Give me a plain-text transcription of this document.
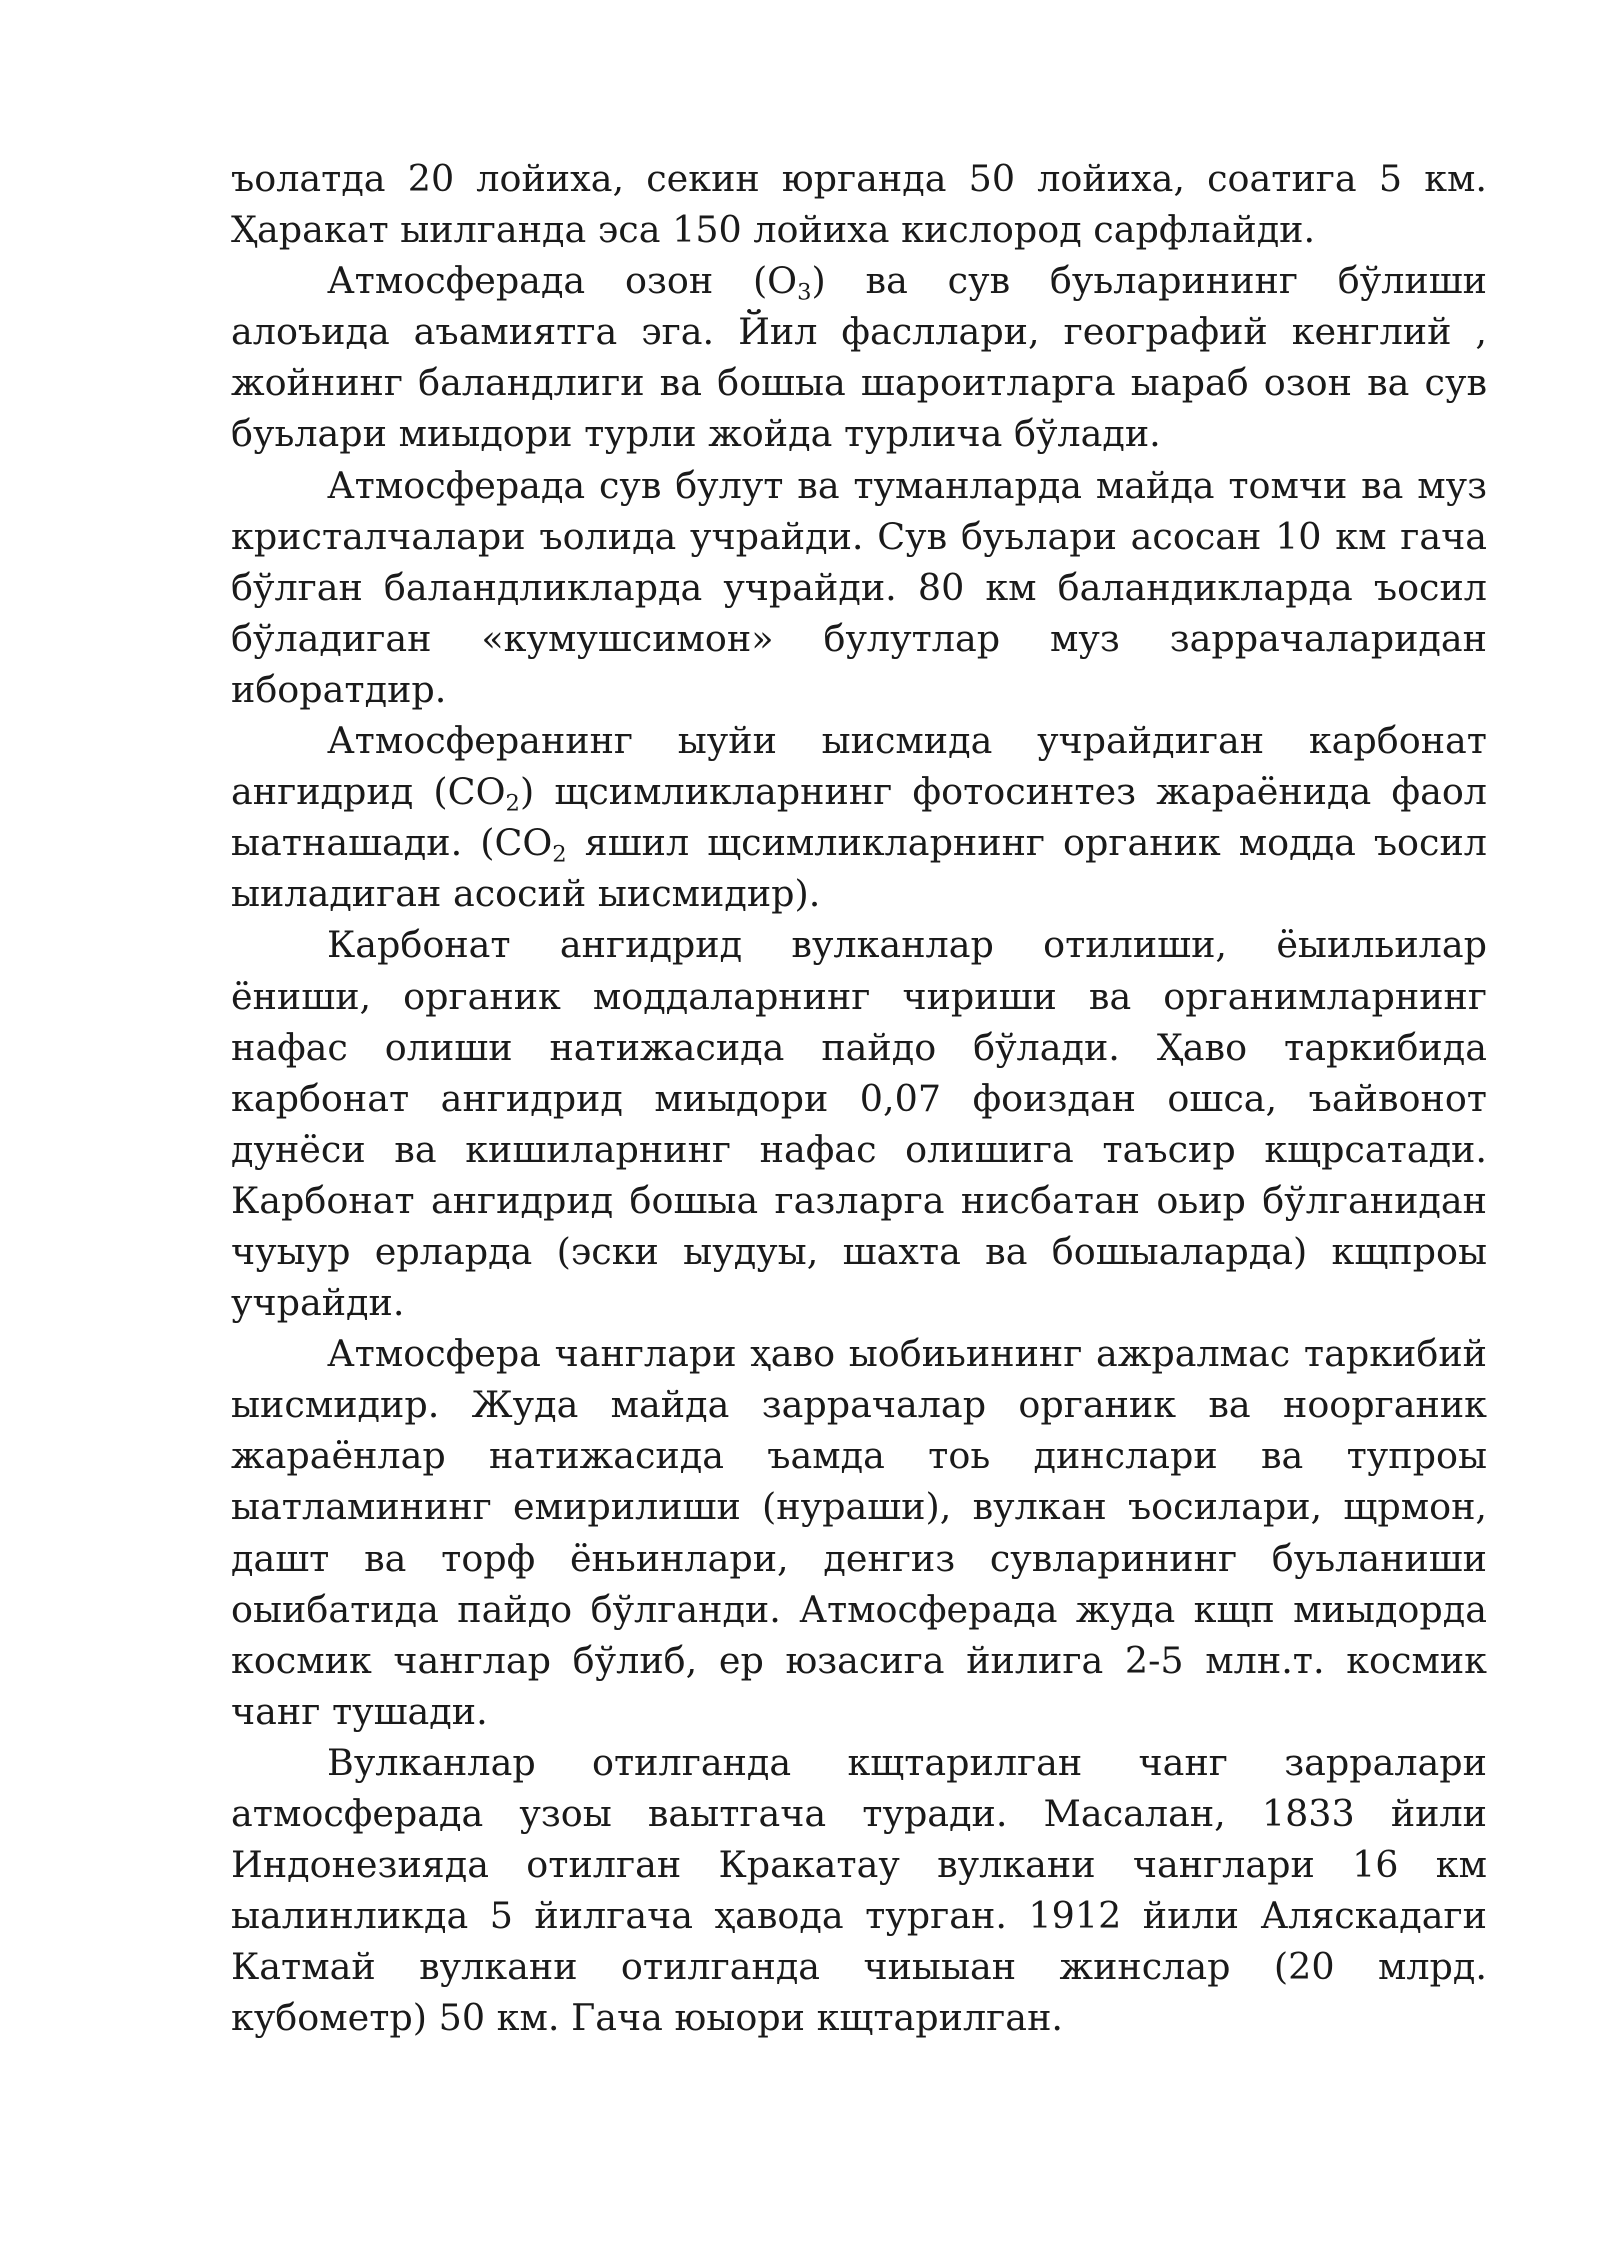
ъолатда 20 лойиха, секин юрганда 50 лойиха, соатига 5 км. Ҳаракат ыилганда эса 150 лойиха кислород сарфлайди.

Атмосферада озон $(О_3)$ ва сув буьларининг бўлиши алоъида аъамиятга эга. Йил фасллари, географий кенглий , жойнинг баландлиги ва бошыа шароитларга ыараб озон ва сув буьлари миыдори турли жойда турлича бўлади.

Атмосферада сув булут ва туманларда майда томчи ва муз кристалчалари ъолида учрайди. Сув буьлари асосан 10 км гача бўлган баландликларда учрайди. 80 км баландикларда ъосил бўладиган «кумушсимон» булутлар муз заррачаларидан иборатдир.

Атмосферанинг ыуйи ыисмида учрайдиган карбонат ангидрид $(СО_2)$ щсимликларнинг фотосинтез жараёнида фаол ыатнашади. ($СО_2$ яшил щсимликларнинг органик модда ъосил ыиладиган асосий ыисмидир).

Карбонат ангидрид вулканлар отилиши, ёыильилар ёниши, органик моддаларнинг чириши ва органимларнинг нафас олиши натижасида пайдо бўлади. Ҳаво таркибида карбонат ангидрид миыдори 0,07 фоиздан ошса, ъайвонот дунёси ва кишиларнинг нафас олишига таъсир кщрсатади. Карбонат ангидрид бошыа газларга нисбатан оьир бўлганидан чуыур ерларда (эски ыудуы, шахта ва бошыаларда) кщпроы учрайди.

Атмосфера чанглари ҳаво ыобиьининг ажралмас таркибий ыисмидир. Жуда майда заррачалар органик ва ноорганик жараёнлар натижасида ъамда тоь динслари ва тупроы ыатламининг емирилиши (нураши), вулкан ъосилари, щрмон, дашт ва торф ёньинлари, денгиз сувларининг буьланиши оыибатида пайдо бўлганди. Атмосферада жуда кщп миыдорда космик чанглар бўлиб, ер юзасига йилига 2-5 млн.т. космик чанг тушади.

Вулканлар отилганда кщтарилган чанг зарралари атмосферада узоы ваытгача туради. Масалан, 1833 йили Индонезияда отилган Кракатау вулкани чанглари 16 км ыалинликда 5 йилгача ҳавода турган. 1912 йили Аляскадаги Катмай вулкани отилганда чиыыан жинслар (20 млрд. кубометр) 50 км. Гача юыори кщтарилган.
